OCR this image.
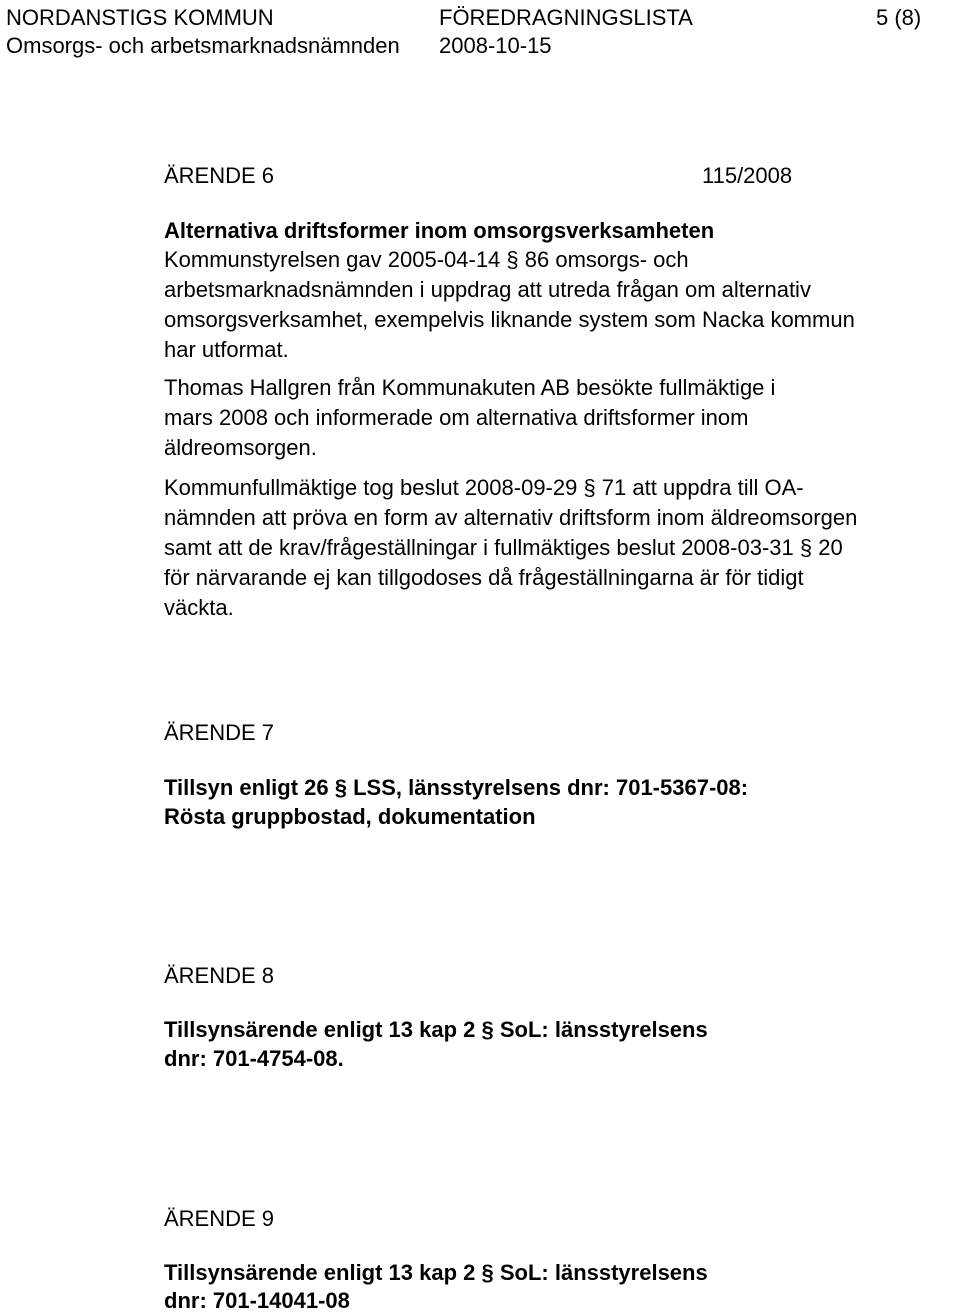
NORDANSTIGS KOMMUN	FÖREDRAGNINGSLISTA	5 (8)
Omsorgs- och arbetsmarknadsnämnden 2008-10-15
ÄRENDE 6	115/2008
Alternativa driftsformer inom omsorgsverksamheten
Kommunstyrelsen gav 2005-04-14 § 86 omsorgs- och
arbetsmarknadsnämnden i uppdrag att utreda frågan om alternativ
omsorgsverksamhet, exempelvis liknande system som Nacka kommun
har utformat.
Thomas Hallgren från Kommunakuten AB besökte fullmäktige i
mars 2008 och informerade om alternativa driftsformer inom
äldreomsorgen.
Kommunfullmäktige tog beslut 2008-09-29 § 71 att uppdra till OA-
nämnden att pröva en form av alternativ driftsform inom äldreomsorgen
samt att de krav/frågeställningar i fullmäktiges beslut 2008-03-31 § 20
för närvarande ej kan tillgodoses då frågeställningarna är för tidigt
väckta.
ÄRENDE 7
Tillsyn enligt 26 § LSS, länsstyrelsens dnr: 701-5367-08:
Rösta gruppbostad, dokumentation
ÄRENDE 8
Tillsynsärende enligt 13 kap 2 § SoL: länsstyrelsens
dnr: 701-4754-08.
ÄRENDE 9
Tillsynsärende enligt 13 kap 2 § SoL: länsstyrelsens
dnr: 701-14041-08
